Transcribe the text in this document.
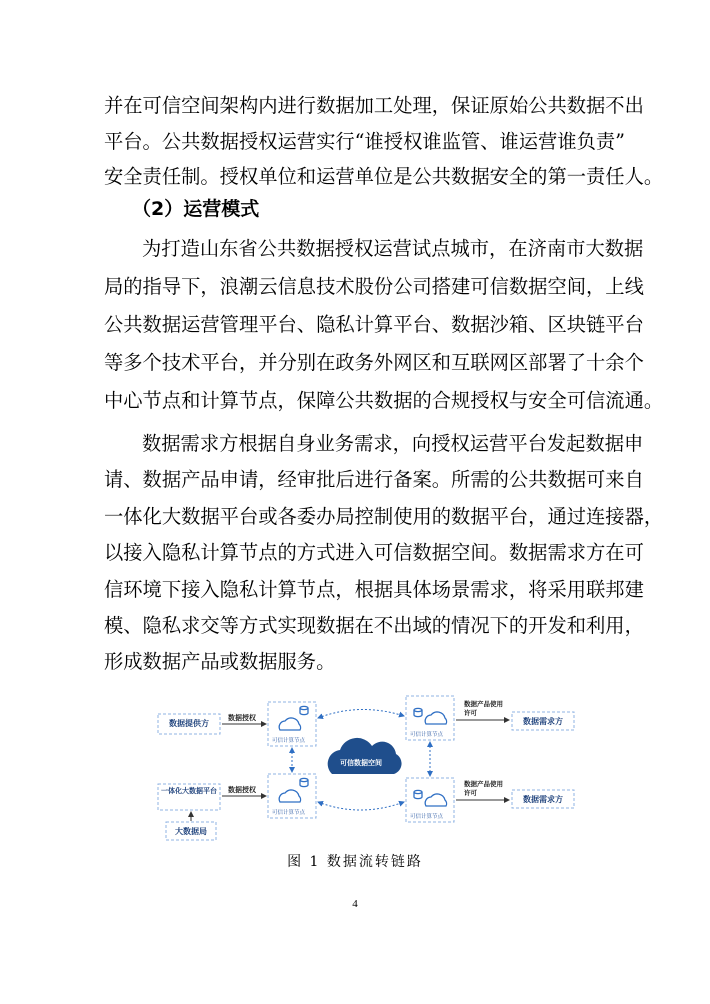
并在可信空间架构内进行数据加工处理，保证原始公共数据不出
平台。公共数据授权运营实行“谁授权谁监管、谁运营谁负责”
安全责任制。授权单位和运营单位是公共数据安全的第一责任人。
（2）运营模式
为打造山东省公共数据授权运营试点城市，在济南市大数据
局的指导下，浪潮云信息技术股份公司搭建可信数据空间，上线
公共数据运营管理平台、隐私计算平台、数据沙箱、区块链平台
等多个技术平台，并分别在政务外网区和互联网区部署了十余个
中心节点和计算节点，保障公共数据的合规授权与安全可信流通。
数据需求方根据自身业务需求，向授权运营平台发起数据申
请、数据产品申请，经审批后进行备案。所需的公共数据可来自
一体化大数据平台或各委办局控制使用的数据平台，通过连接器，
以接入隐私计算节点的方式进入可信数据空间。数据需求方在可
信环境下接入隐私计算节点，根据具体场景需求，将采用联邦建
模、隐私求交等方式实现数据在不出域的情况下的开发和利用，
形成数据产品或数据服务。
数据提供方
一体化大数据平台
大数据局
数据授权
数据授权
可信计算节点
可信计算节点
可信计算节点
可信计算节点
可信数据空间
数据产品使用许可
数据产品使用许可
数据需求方
数据需求方
图 1 数据流转链路
4
